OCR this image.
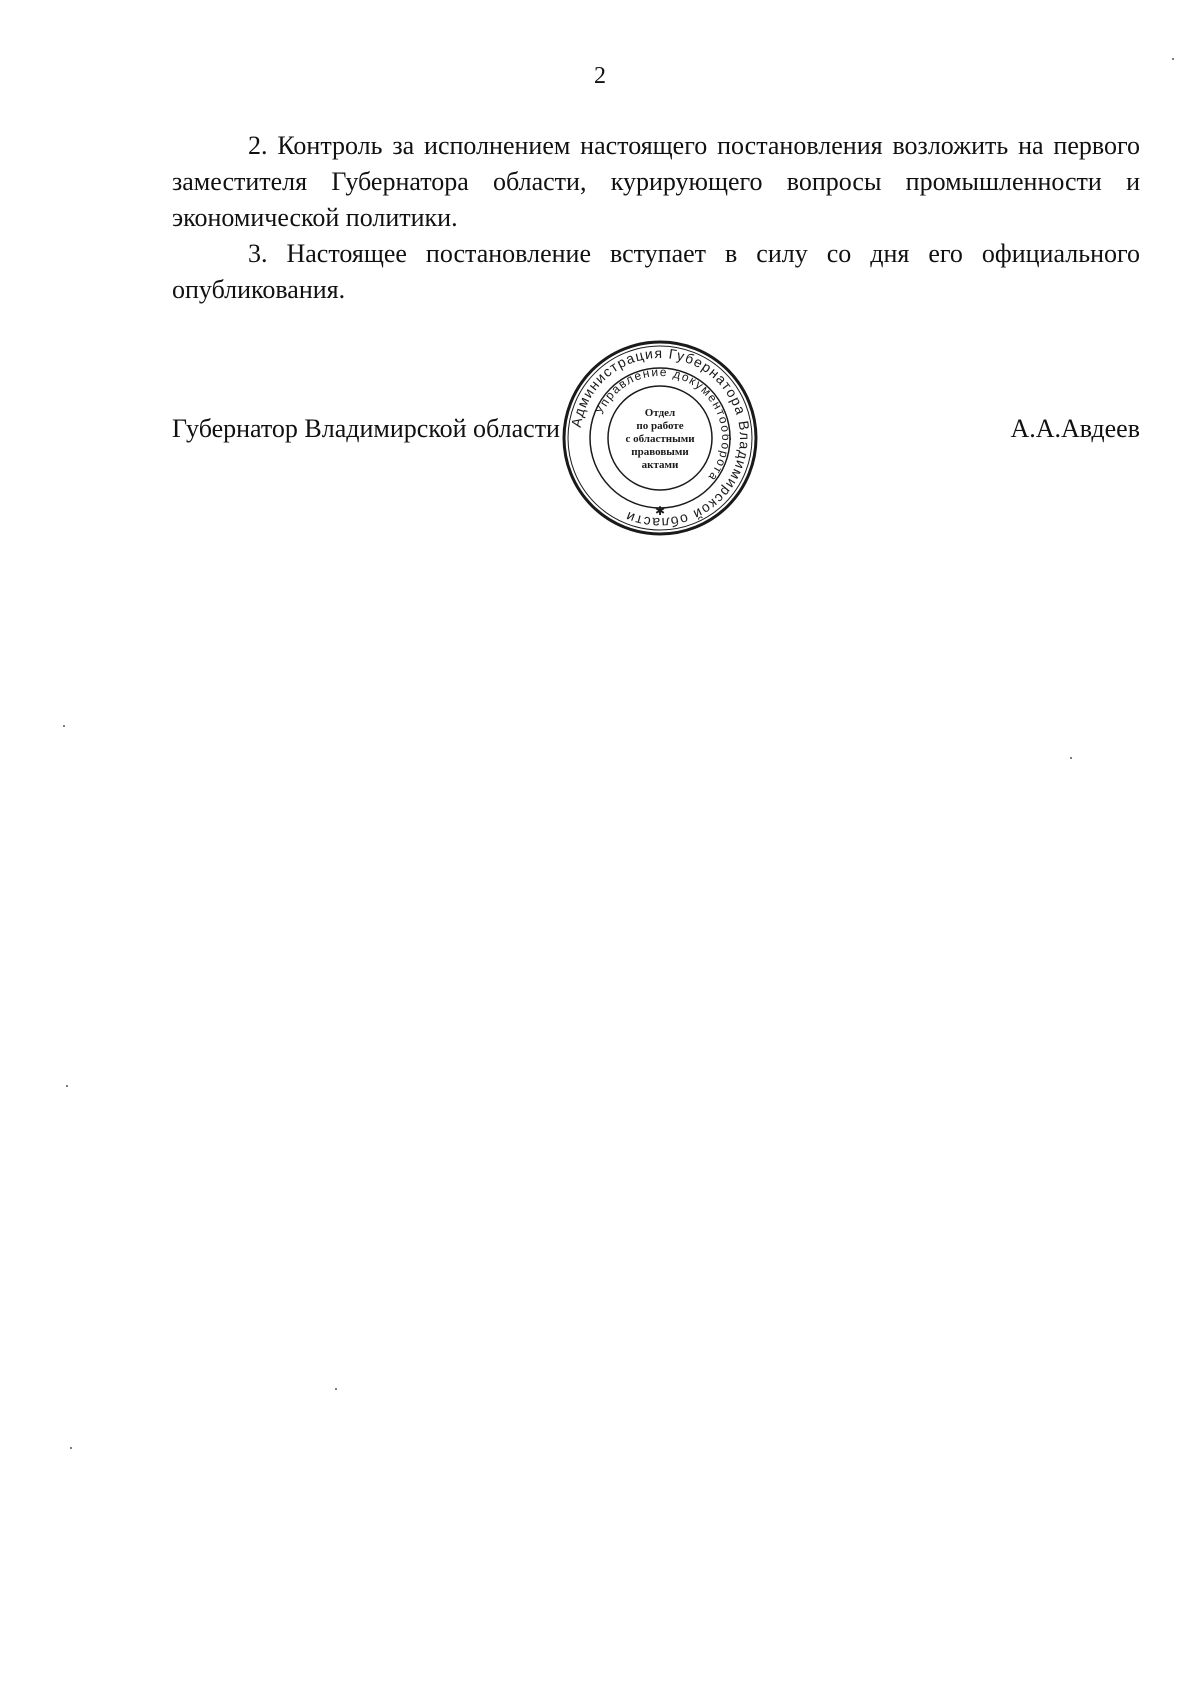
2

2. Контроль за исполнением настоящего постановления возложить на первого заместителя Губернатора области, курирующего вопросы промышленности и экономической политики.

3. Настоящее постановление вступает в силу со дня его официального опубликования.

Губернатор Владимирской области	А.А.Авдеев
Администрация Губернатора Владимирской области
Управление документооборота
✱
Отдел
по работе
с областными
правовыми
актами
